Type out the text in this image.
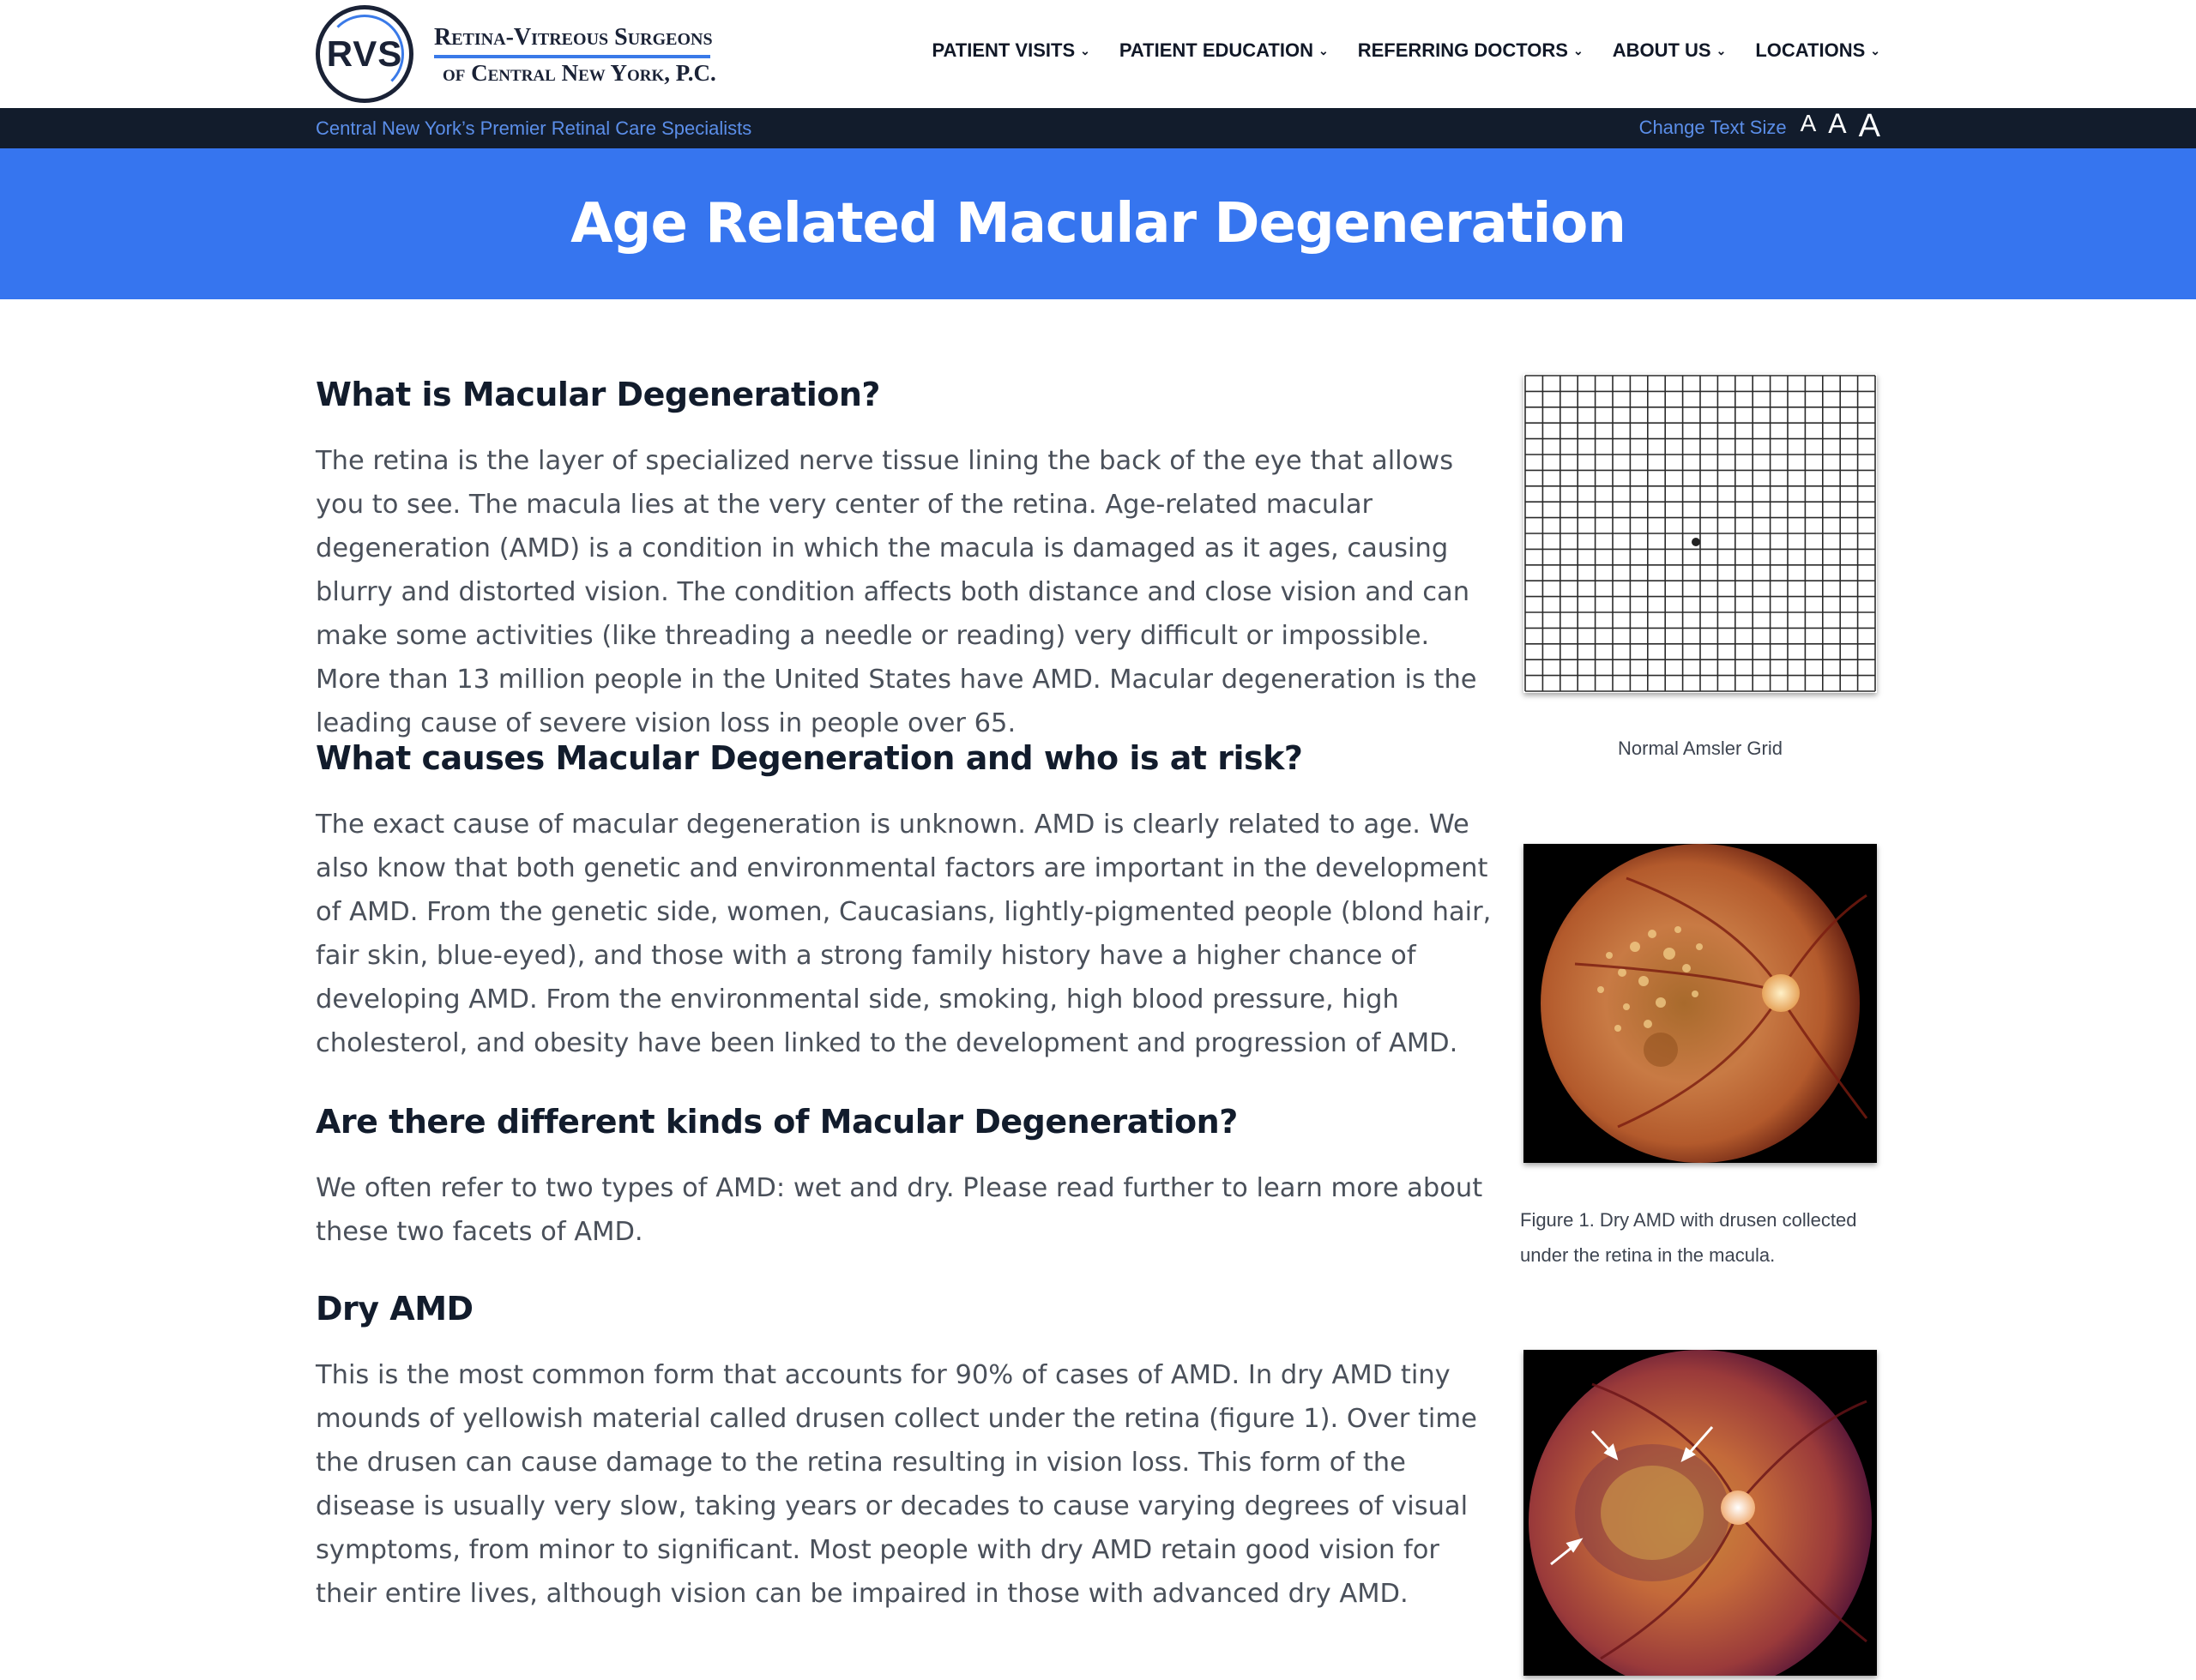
RVS Retina-Vitreous Surgeons
of Central New York, P.C.
PATIENT VISITS ⌄ PATIENT EDUCATION ⌄ REFERRING DOCTORS ⌄ ABOUT US ⌄ LOCATIONS ⌄
Central New York’s Premier Retinal Care Specialists	Change Text Size A A A
Age Related Macular Degeneration
What is Macular Degeneration?

The retina is the layer of specialized nerve tissue lining the back of the eye that allows you to see. The macula lies at the very center of the retina. Age-related macular degeneration (AMD) is a condition in which the macula is damaged as it ages, causing blurry and distorted vision. The condition affects both distance and close vision and can make some activities (like threading a needle or reading) very difficult or impossible. More than 13 million people in the United States have AMD. Macular degeneration is the leading cause of severe vision loss in people over 65.

What causes Macular Degeneration and who is at risk?

The exact cause of macular degeneration is unknown. AMD is clearly related to age. We also know that both genetic and environmental factors are important in the development of AMD. From the genetic side, women, Caucasians, lightly-pigmented people (blond hair, fair skin, blue-eyed), and those with a strong family history have a higher chance of developing AMD. From the environmental side, smoking, high blood pressure, high cholesterol, and obesity have been linked to the development and progression of AMD.

Are there different kinds of Macular Degeneration?

We often refer to two types of AMD: wet and dry. Please read further to learn more about these two facets of AMD.

Dry AMD

This is the most common form that accounts for 90% of cases of AMD. In dry AMD tiny mounds of yellowish material called drusen collect under the retina (figure 1). Over time the drusen can cause damage to the retina resulting in vision loss. This form of the disease is usually very slow, taking years or decades to cause varying degrees of visual symptoms, from minor to significant. Most people with dry AMD retain good vision for their entire lives, although vision can be impaired in those with advanced dry AMD.

Normal Amsler Grid
Figure 1. Dry AMD with drusen collected under the retina in the macula.
